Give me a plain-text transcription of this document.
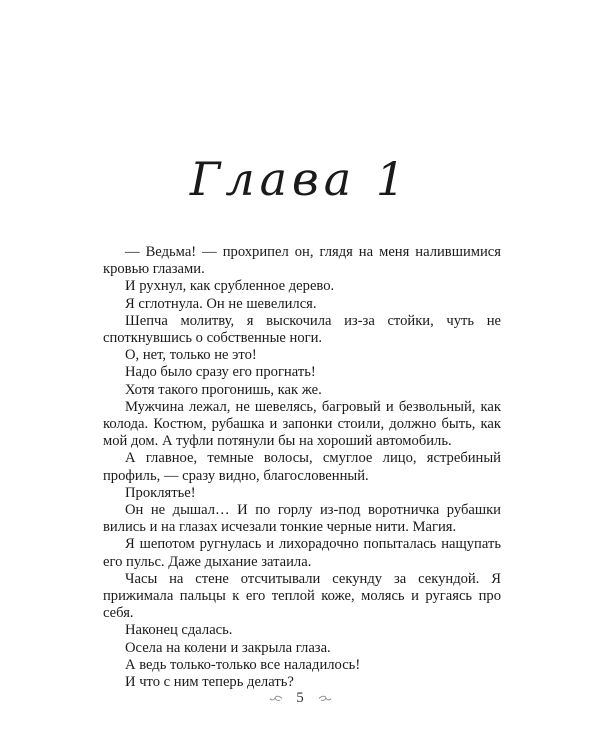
Глава 1

— Ведьма! — прохрипел он, глядя на меня налившимися кровью глазами.

И рухнул, как срубленное дерево.

Я сглотнула. Он не шевелился.

Шепча молитву, я выскочила из-за стойки, чуть не споткнувшись о собственные ноги.

О, нет, только не это!

Надо было сразу его прогнать!

Хотя такого прогонишь, как же.

Мужчина лежал, не шевелясь, багровый и безвольный, как колода. Костюм, рубашка и запонки стоили, должно быть, как мой дом. А туфли потянули бы на хороший автомобиль.

А главное, темные волосы, смуглое лицо, ястребиный профиль, — сразу видно, благословенный.

Проклятье!

Он не дышал… И по горлу из-под воротничка рубашки вились и на глазах исчезали тонкие черные нити. Магия.

Я шепотом ругнулась и лихорадочно попыталась нащупать его пульс. Даже дыхание затаила.

Часы на стене отсчитывали секунду за секундой. Я прижимала пальцы к его теплой коже, молясь и ругаясь про себя.

Наконец сдалась.

Осела на колени и закрыла глаза.

А ведь только-только все наладилось!

И что с ним теперь делать?

5
